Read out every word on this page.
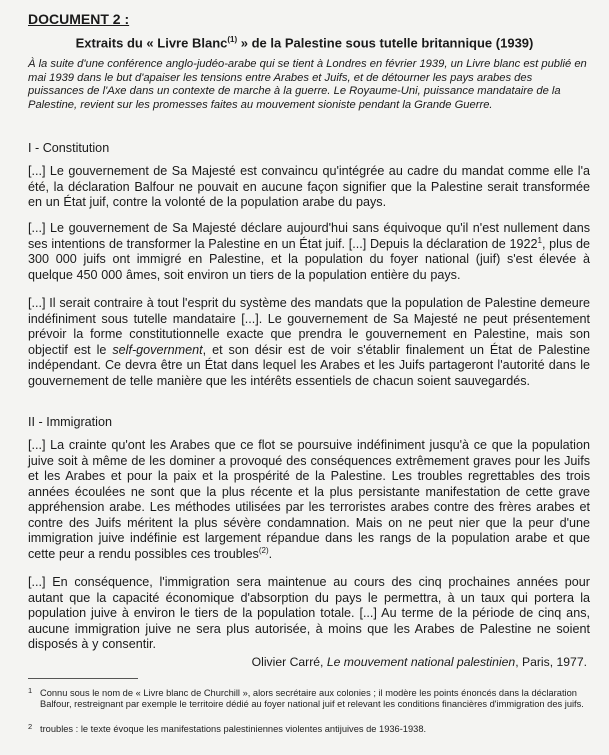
DOCUMENT 2 :
Extraits du « Livre Blanc$^{(1)}$ » de la Palestine sous tutelle britannique (1939)
À la suite d'une conférence anglo-judéo-arabe qui se tient à Londres en février 1939, un Livre blanc est publié en mai 1939 dans le but d'apaiser les tensions entre Arabes et Juifs, et de détourner les pays arabes des puissances de l'Axe dans un contexte de marche à la guerre. Le Royaume-Uni, puissance mandataire de la Palestine, revient sur les promesses faites au mouvement sioniste pendant la Grande Guerre.
I - Constitution
[...] Le gouvernement de Sa Majesté est convaincu qu'intégrée au cadre du mandat comme elle l'a été, la déclaration Balfour ne pouvait en aucune façon signifier que la Palestine serait transformée en un État juif, contre la volonté de la population arabe du pays.
[...] Le gouvernement de Sa Majesté déclare aujourd'hui sans équivoque qu'il n'est nullement dans ses intentions de transformer la Palestine en un État juif. [...] Depuis la déclaration de 1922$^1$, plus de 300 000 juifs ont immigré en Palestine, et la population du foyer national (juif) s'est élevée à quelque 450 000 âmes, soit environ un tiers de la population entière du pays.
[...] Il serait contraire à tout l'esprit du système des mandats que la population de Palestine demeure indéfiniment sous tutelle mandataire [...]. Le gouvernement de Sa Majesté ne peut présentement prévoir la forme constitutionnelle exacte que prendra le gouvernement en Palestine, mais son objectif est le self-government, et son désir est de voir s'établir finalement un État de Palestine indépendant. Ce devra être un État dans lequel les Arabes et les Juifs partageront l'autorité dans le gouvernement de telle manière que les intérêts essentiels de chacun soient sauvegardés.
II - Immigration
[...] La crainte qu'ont les Arabes que ce flot se poursuive indéfiniment jusqu'à ce que la population juive soit à même de les dominer a provoqué des conséquences extrêmement graves pour les Juifs et les Arabes et pour la paix et la prospérité de la Palestine. Les troubles regrettables des trois années écoulées ne sont que la plus récente et la plus persistante manifestation de cette grave appréhension arabe. Les méthodes utilisées par les terroristes arabes contre des frères arabes et contre des Juifs méritent la plus sévère condamnation. Mais on ne peut nier que la peur d'une immigration juive indéfinie est largement répandue dans les rangs de la population arabe et que cette peur a rendu possibles ces troubles$^{(2)}$.
[...] En conséquence, l'immigration sera maintenue au cours des cinq prochaines années pour autant que la capacité économique d'absorption du pays le permettra, à un taux qui portera la population juive à environ le tiers de la population totale. [...] Au terme de la période de cinq ans, aucune immigration juive ne sera plus autorisée, à moins que les Arabes de Palestine ne soient disposés à y consentir.
Olivier Carré, Le mouvement national palestinien, Paris, 1977.
1 Connu sous le nom de « Livre blanc de Churchill », alors secrétaire aux colonies ; il modère les points énoncés dans la déclaration Balfour, restreignant par exemple le territoire dédié au foyer national juif et relevant les conditions financières d'immigration des juifs.
2 troubles : le texte évoque les manifestations palestiniennes violentes antijuives de 1936-1938.
